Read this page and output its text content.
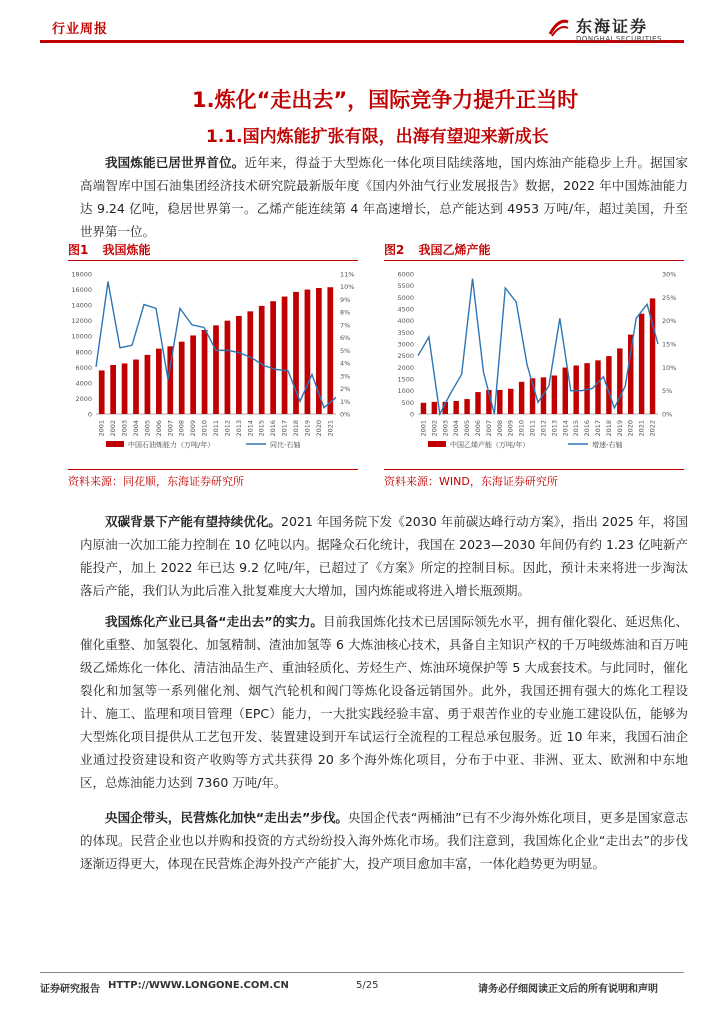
行业周报	东海证券
DONGHAI SECURITIES
1.炼化“走出去”，国际竞争力提升正当时
1.1.国内炼能扩张有限，出海有望迎来新成长

我国炼能已居世界首位。近年来，得益于大型炼化一体化项目陆续落地，国内炼油产能稳步上升。据国家高端智库中国石油集团经济技术研究院最新版年度《国内外油气行业发展报告》数据，2022 年中国炼油能力达 9.24 亿吨，稳居世界第一。乙烯产能连续第 4 年高速增长，总产能达到 4953 万吨/年，超过美国，升至世界第一位。

图1 我国炼能
0
2000
4000
6000
8000
10000
12000
14000
16000
18000
0%
1%
2%
3%
4%
5%
6%
7%
8%
9%
10%
11%
2001 2002 2003 2004 2005 2006 2007 2008 2009 2010 2011 2012 2013 2014 2015 2016 2017 2018 2019 2020 2021
中国石油炼能力（万吨/年）	同比-右轴
资料来源：同花顺，东海证券研究所
图2 我国乙烯产能
0
500
1000
1500
2000
2500
3000
3500
4000
4500
5000
5500
6000
0%
5%
10%
15%
20%
25%
30%
2001 2002 2003 2004 2005 2006 2007 2008 2009 2010 2011 2012 2013 2014 2015 2016 2017 2018 2019 2020 2021 2022
中国乙烯产能（万吨/年）	增速-右轴
资料来源：WIND，东海证券研究所

双碳背景下产能有望持续优化。2021 年国务院下发《2030 年前碳达峰行动方案》，指出 2025 年，将国内原油一次加工能力控制在 10 亿吨以内。据隆众石化统计，我国在 2023—2030 年间仍有约 1.23 亿吨新产能投产，加上 2022 年已达 9.2 亿吨/年，已超过了《方案》所定的控制目标。因此，预计未来将进一步淘汰落后产能，我们认为此后准入批复难度大大增加，国内炼能或将进入增长瓶颈期。

我国炼化产业已具备“走出去”的实力。目前我国炼化技术已居国际领先水平，拥有催化裂化、延迟焦化、催化重整、加氢裂化、加氢精制、渣油加氢等 6 大炼油核心技术，具备自主知识产权的千万吨级炼油和百万吨级乙烯炼化一体化、清洁油品生产、重油轻质化、芳烃生产、炼油环境保护等 5 大成套技术。与此同时，催化裂化和加氢等一系列催化剂、烟气汽轮机和阀门等炼化设备远销国外。此外，我国还拥有强大的炼化工程设计、施工、监理和项目管理（EPC）能力，一大批实践经验丰富、勇于艰苦作业的专业施工建设队伍，能够为大型炼化项目提供从工艺包开发、装置建设到开车试运行全流程的工程总承包服务。近 10 年来，我国石油企业通过投资建设和资产收购等方式共获得 20 多个海外炼化项目，分布于中亚、非洲、亚太、欧洲和中东地区，总炼油能力达到 7360 万吨/年。

央国企带头，民营炼化加快“走出去”步伐。央国企代表“两桶油”已有不少海外炼化项目，更多是国家意志的体现。民营企业也以并购和投资的方式纷纷投入海外炼化市场。我们注意到，我国炼化企业“走出去”的步伐逐渐迈得更大，体现在民营炼企海外投产产能扩大，投产项目愈加丰富，一体化趋势更为明显。

证券研究报告 HTTP://WWW.LONGONE.COM.CN	5/25	请务必仔细阅读正文后的所有说明和声明
